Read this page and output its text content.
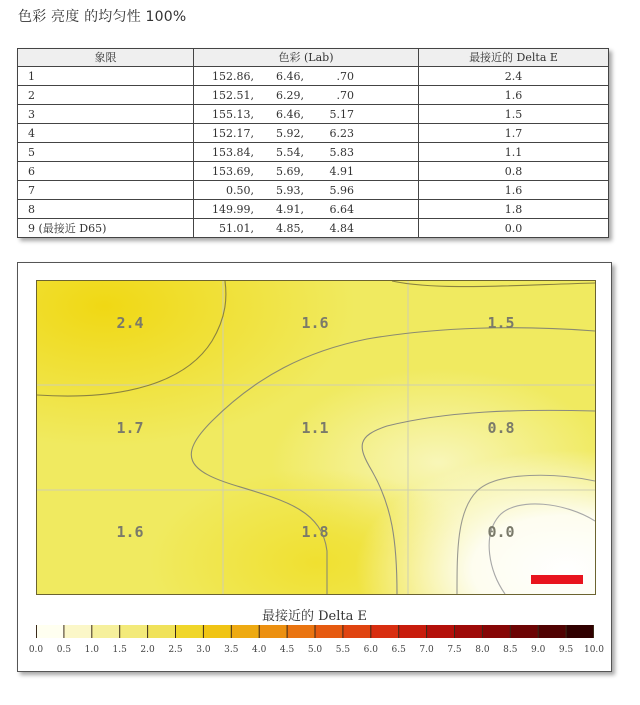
色彩 亮度 的均匀性 100%
象限	色彩 (Lab)	最接近的 Delta E
1	152.86, 6.46, .70	2.4
2	152.51, 6.29, .70	1.6
3	155.13, 6.46, 5.17	1.5
4	152.17, 5.92, 6.23	1.7
5	153.84, 5.54, 5.83	1.1
6	153.69, 5.69, 4.91	0.8
7	0.50, 5.93, 5.96	1.6
8	149.99, 4.91, 6.64	1.8
9 (最接近 D65)	51.01, 4.85, 4.84	0.0
2.4	1.6	1.5
1.7	1.1	0.8
1.6	1.8	0.0
最接近的 Delta E
0.0 0.5 1.0 1.5 2.0 2.5 3.0 3.5 4.0 4.5 5.0 5.5 6.0 6.5 7.0 7.5 8.0 8.5 9.0 9.5 10.0
